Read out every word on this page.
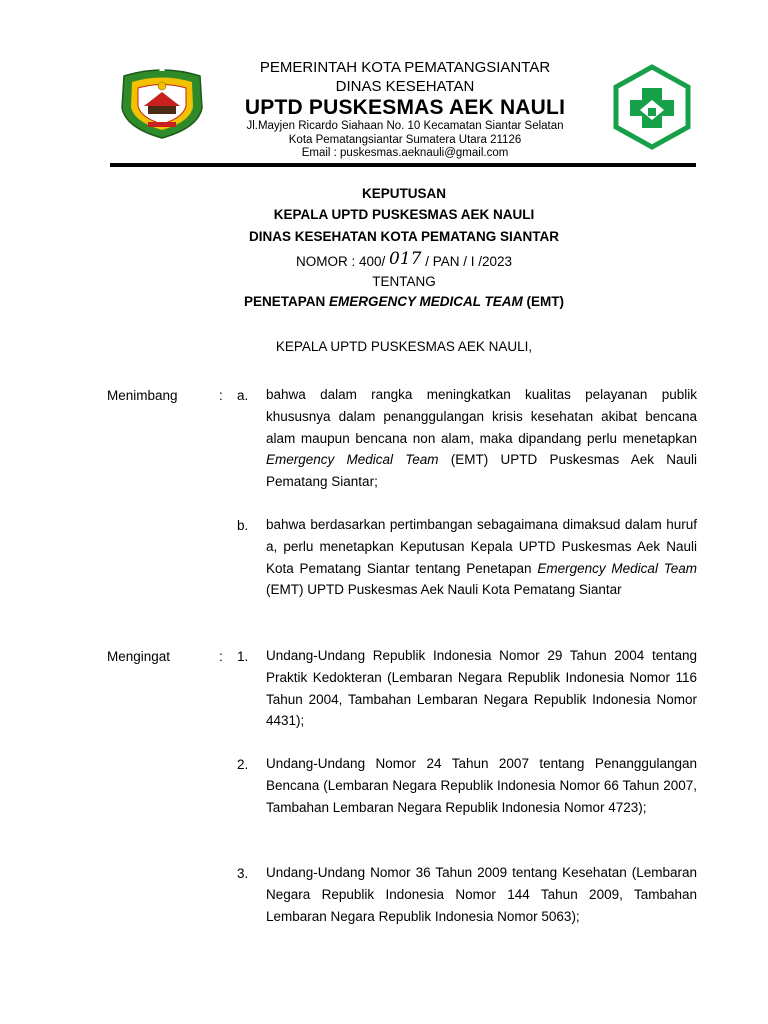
PEMERINTAH KOTA PEMATANGSIANTAR
DINAS KESEHATAN
UPTD PUSKESMAS AEK NAULI
Jl.Mayjen Ricardo Siahaan No. 10 Kecamatan Siantar Selatan
Kota Pematangsiantar Sumatera Utara 21126
Email : puskesmas.aeknauli@gmail.com
KEPUTUSAN
KEPALA UPTD PUSKESMAS AEK NAULI
DINAS KESEHATAN KOTA PEMATANG SIANTAR
NOMOR : 400/ 017 / PAN / I /2023
TENTANG
PENETAPAN EMERGENCY MEDICAL TEAM (EMT)
KEPALA UPTD PUSKESMAS AEK NAULI,
Menimbang	: a. bahwa dalam rangka meningkatkan kualitas pelayanan publik khususnya dalam penanggulangan krisis kesehatan akibat bencana alam maupun bencana non alam, maka dipandang perlu menetapkan Emergency Medical Team (EMT) UPTD Puskesmas Aek Nauli Pematang Siantar;
b. bahwa berdasarkan pertimbangan sebagaimana dimaksud dalam huruf a, perlu menetapkan Keputusan Kepala UPTD Puskesmas Aek Nauli Kota Pematang Siantar tentang Penetapan Emergency Medical Team (EMT) UPTD Puskesmas Aek Nauli Kota Pematang Siantar
Mengingat	: 1. Undang-Undang Republik Indonesia Nomor 29 Tahun 2004 tentang Praktik Kedokteran (Lembaran Negara Republik Indonesia Nomor 116 Tahun 2004, Tambahan Lembaran Negara Republik Indonesia Nomor 4431);
2. Undang-Undang Nomor 24 Tahun 2007 tentang Penanggulangan Bencana (Lembaran Negara Republik Indonesia Nomor 66 Tahun 2007, Tambahan Lembaran Negara Republik Indonesia Nomor 4723);
3. Undang-Undang Nomor 36 Tahun 2009 tentang Kesehatan (Lembaran Negara Republik Indonesia Nomor 144 Tahun 2009, Tambahan Lembaran Negara Republik Indonesia Nomor 5063);
